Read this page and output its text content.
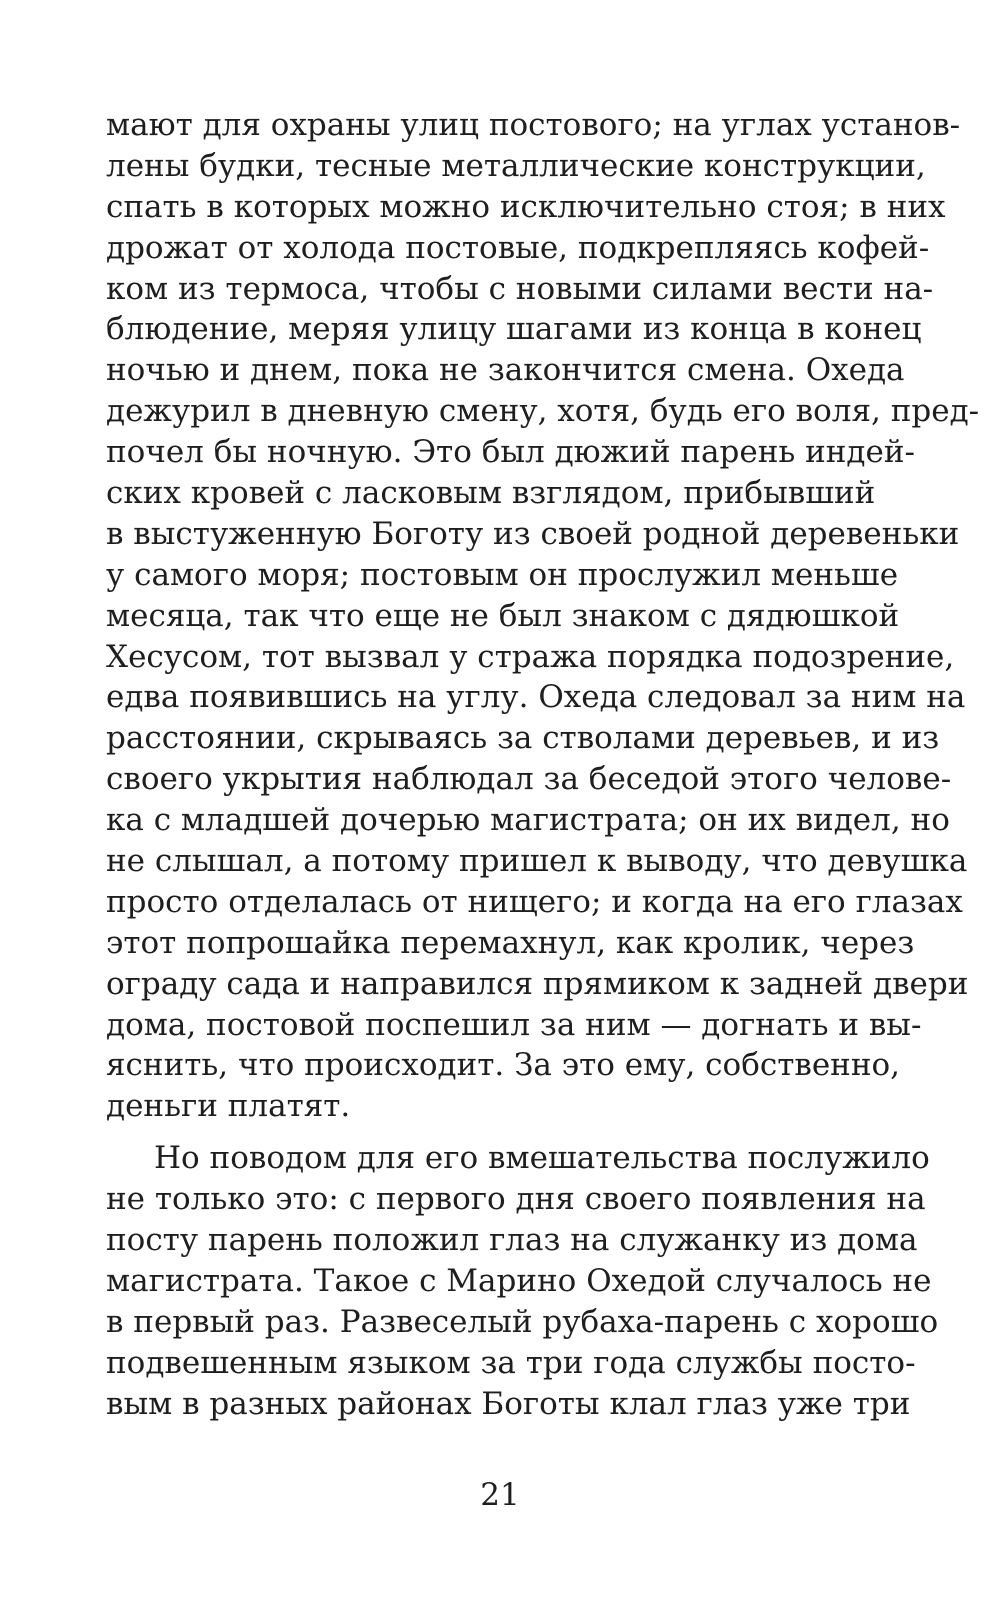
мают для охраны улиц постового; на углах установ-
лены будки, тесные металлические конструкции,
спать в которых можно исключительно стоя; в них
дрожат от холода постовые, подкрепляясь кофей-
ком из термоса, чтобы с новыми силами вести на-
блюдение, меряя улицу шагами из конца в конец
ночью и днем, пока не закончится смена. Охеда
дежурил в дневную смену, хотя, будь его воля, пред-
почел бы ночную. Это был дюжий парень индей-
ских кровей с ласковым взглядом, прибывший
в выстуженную Боготу из своей родной деревеньки
у самого моря; постовым он прослужил меньше
месяца, так что еще не был знаком с дядюшкой
Хесусом, тот вызвал у стража порядка подозрение,
едва появившись на углу. Охеда следовал за ним на
расстоянии, скрываясь за стволами деревьев, и из
своего укрытия наблюдал за беседой этого челове-
ка с младшей дочерью магистрата; он их видел, но
не слышал, а потому пришел к выводу, что девушка
просто отделалась от нищего; и когда на его глазах
этот попрошайка перемахнул, как кролик, через
ограду сада и направился прямиком к задней двери
дома, постовой поспешил за ним — догнать и вы-
яснить, что происходит. За это ему, собственно,
деньги платят.
Но поводом для его вмешательства послужило
не только это: с первого дня своего появления на
посту парень положил глаз на служанку из дома
магистрата. Такое с Марино Охедой случалось не
в первый раз. Развеселый рубаха-парень с хорошо
подвешенным языком за три года службы посто-
вым в разных районах Боготы клал глаз уже три
21
